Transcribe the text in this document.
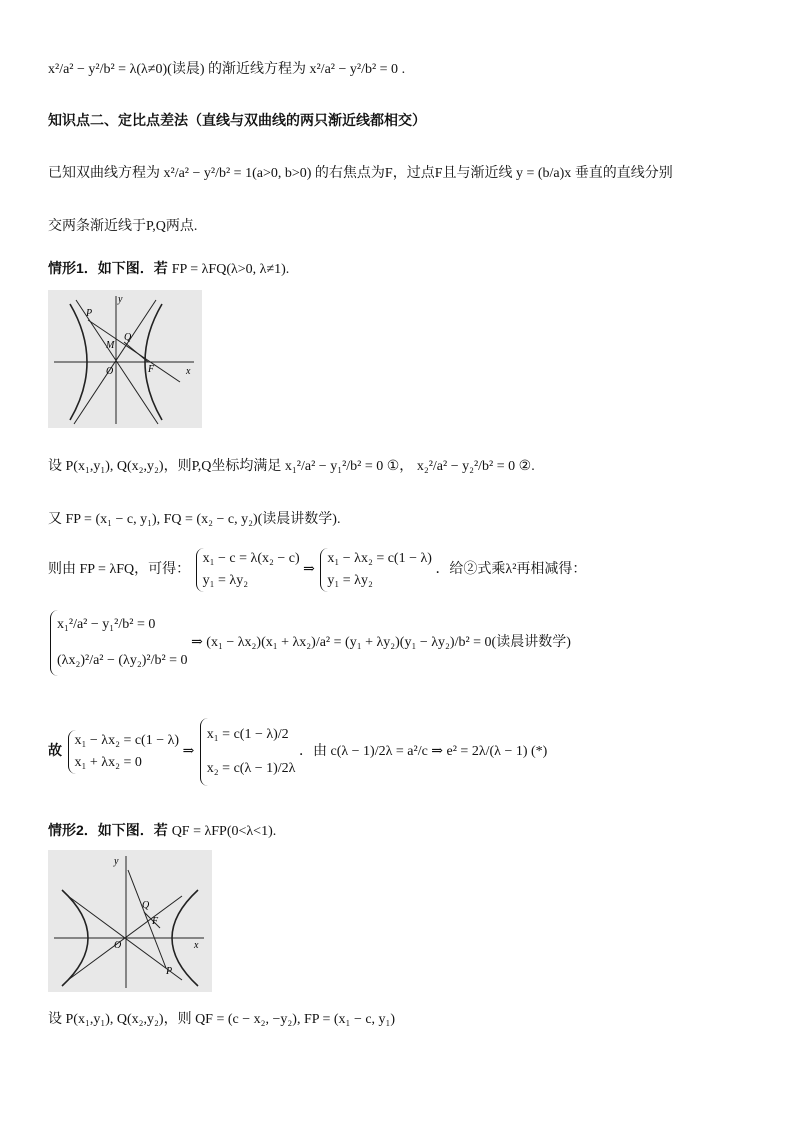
x²/a² − y²/b² = λ(λ≠0)(读晨) 的渐近线方程为 x²/a² − y²/b² = 0 .
知识点二、定比点差法（直线与双曲线的两只渐近线都相交）
已知双曲线方程为 x²/a² − y²/b² = 1(a>0, b>0) 的右焦点为F，过点F且与渐近线 y = (b/a)x 垂直的直线分别
交两条渐近线于P,Q两点.
情形1．如下图．若 FP = λFQ(λ>0, λ≠1).
y
x
P
Q
M
O	F
设 P(x₁,y₁), Q(x₂,y₂)，则P,Q坐标均满足 x₁²/a² − y₁²/b² = 0 ①， x₂²/a² − y₂²/b² = 0 ②.
又 FP = (x₁ − c, y₁), FQ = (x₂ − c, y₂)(读晨讲数学).
则由 FP = λFQ，可得：
x₁ − c = λ(x₂ − c)
y₁ = λy₂
⇒
x₁ − λx₂ = c(1 − λ)
y₁ = λy₂
．给②式乘λ²再相减得：
x₁²/a² − y₁²/b² = 0
(λx₂)²/a² − (λy₂)²/b² = 0
⇒ (x₁ − λx₂)(x₁ + λx₂)/a² = (y₁ + λy₂)(y₁ − λy₂)/b² = 0(读晨讲数学)
故
x₁ − λx₂ = c(1 − λ)
x₁ + λx₂ = 0
⇒
x₁ = c(1 − λ)/2
x₂ = c(λ − 1)/2λ
．由 c(λ − 1)/2λ = a²/c ⇒ e² = 2λ/(λ − 1) (*)
情形2．如下图．若 QF = λFP(0<λ<1).
y
x
Q
F
O
P
设 P(x₁,y₁), Q(x₂,y₂)，则 QF = (c − x₂, −y₂), FP = (x₁ − c, y₁)
